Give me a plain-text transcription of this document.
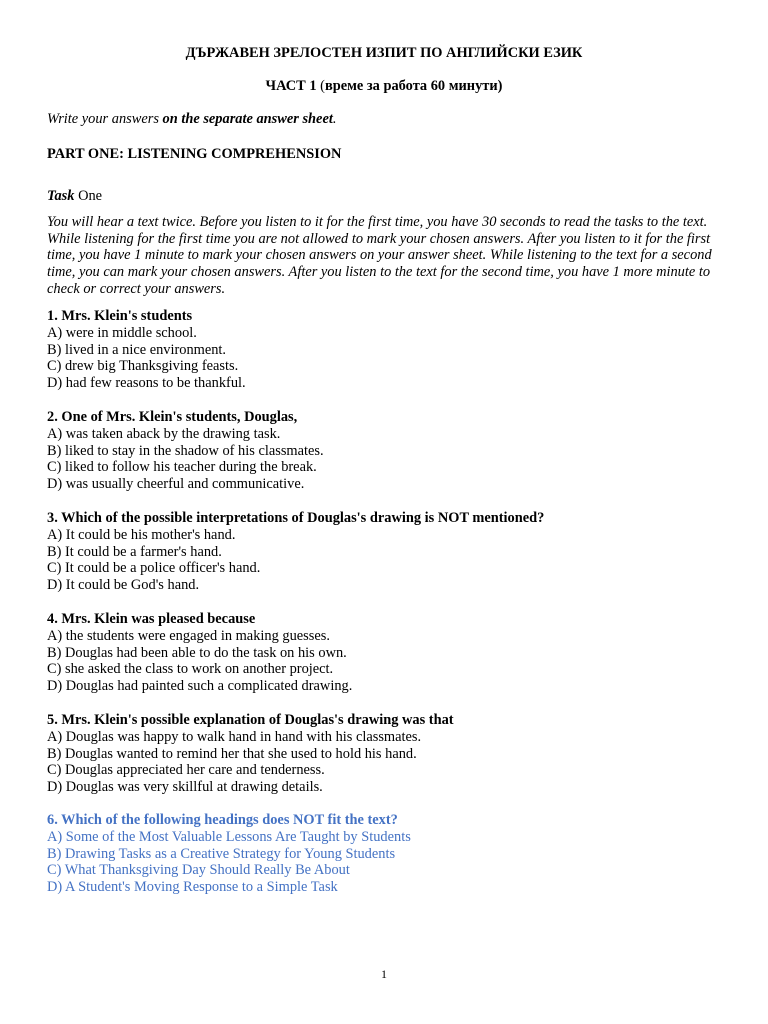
ДЪРЖАВЕН ЗРЕЛОСТЕН ИЗПИТ ПО АНГЛИЙСКИ ЕЗИК
ЧАСТ 1 (време за работа 60 минути)
Write your answers on the separate answer sheet.
PART ONE: LISTENING COMPREHENSION
Task One
You will hear a text twice. Before you listen to it for the first time, you have 30 seconds to read the tasks to the text. While listening for the first time you are not allowed to mark your chosen answers. After you listen to it for the first time, you have 1 minute to mark your chosen answers on your answer sheet. While listening to the text for a second time, you can mark your chosen answers. After you listen to the text for the second time, you have 1 more minute to check or correct your answers.
1. Mrs. Klein's students
A) were in middle school.
B) lived in a nice environment.
C) drew big Thanksgiving feasts.
D) had few reasons to be thankful.
2. One of Mrs. Klein's students, Douglas,
A) was taken aback by the drawing task.
B) liked to stay in the shadow of his classmates.
C) liked to follow his teacher during the break.
D) was usually cheerful and communicative.
3. Which of the possible interpretations of Douglas's drawing is NOT mentioned?
A) It could be his mother's hand.
B) It could be a farmer's hand.
C) It could be a police officer's hand.
D) It could be God's hand.
4. Mrs. Klein was pleased because
A) the students were engaged in making guesses.
B) Douglas had been able to do the task on his own.
C) she asked the class to work on another project.
D) Douglas had painted such a complicated drawing.
5. Mrs. Klein's possible explanation of Douglas's drawing was that
A) Douglas was happy to walk hand in hand with his classmates.
B) Douglas wanted to remind her that she used to hold his hand.
C) Douglas appreciated her care and tenderness.
D) Douglas was very skillful at drawing details.
6. Which of the following headings does NOT fit the text?
A) Some of the Most Valuable Lessons Are Taught by Students
B) Drawing Tasks as a Creative Strategy for Young Students
C) What Thanksgiving Day Should Really Be About
D) A Student's Moving Response to a Simple Task
1
